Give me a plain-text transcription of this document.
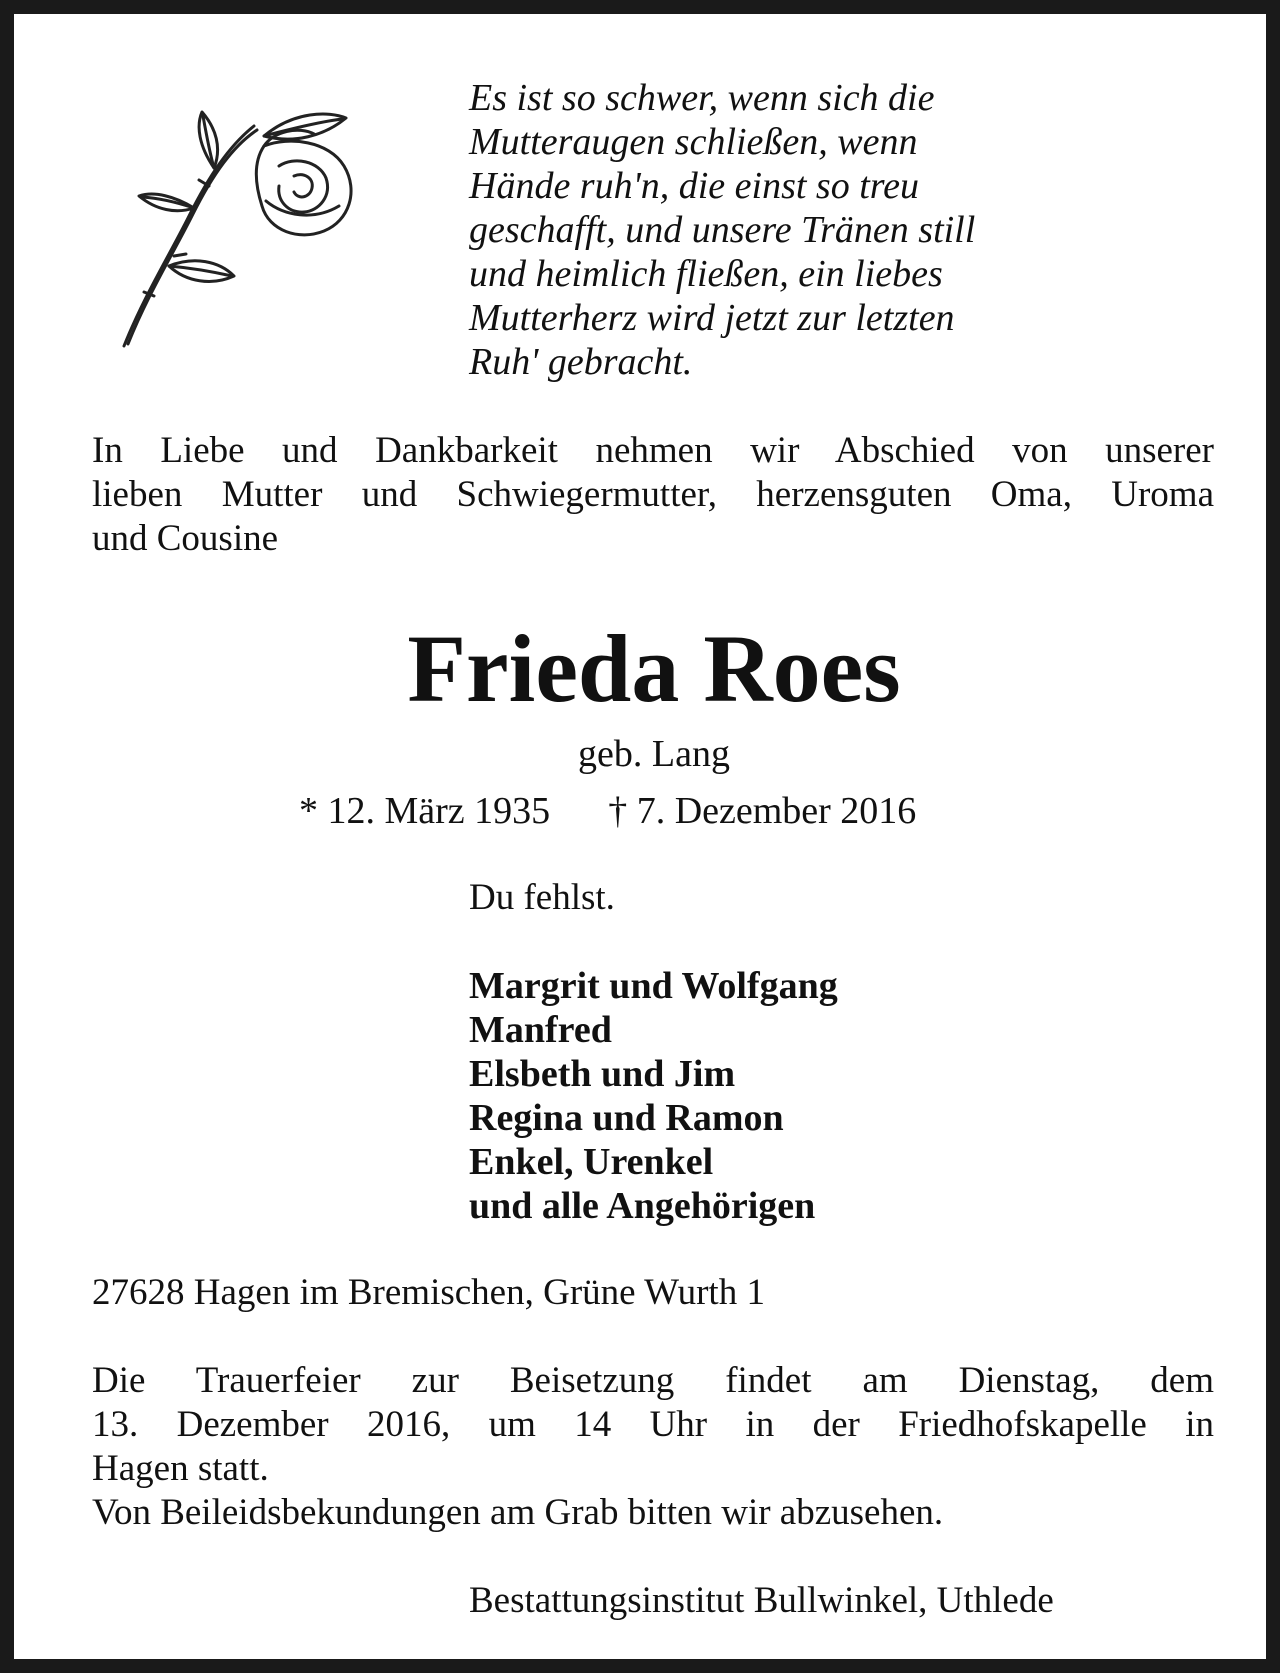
Es ist so schwer, wenn sich die
Mutteraugen schließen, wenn
Hände ruh'n, die einst so treu
geschafft, und unsere Tränen still
und heimlich fließen, ein liebes
Mutterherz wird jetzt zur letzten
Ruh' gebracht.
In Liebe und Dankbarkeit nehmen wir Abschied von unserer
lieben Mutter und Schwiegermutter, herzensguten Oma, Uroma
und Cousine
Frieda Roes
geb. Lang
* 12. März 1935 † 7. Dezember 2016
Du fehlst.
Margrit und Wolfgang
Manfred
Elsbeth und Jim
Regina und Ramon
Enkel, Urenkel
und alle Angehörigen
27628 Hagen im Bremischen, Grüne Wurth 1
Die Trauerfeier zur Beisetzung findet am Dienstag, dem
13. Dezember 2016, um 14 Uhr in der Friedhofskapelle in
Hagen statt.
Von Beileidsbekundungen am Grab bitten wir abzusehen.
Bestattungsinstitut Bullwinkel, Uthlede
